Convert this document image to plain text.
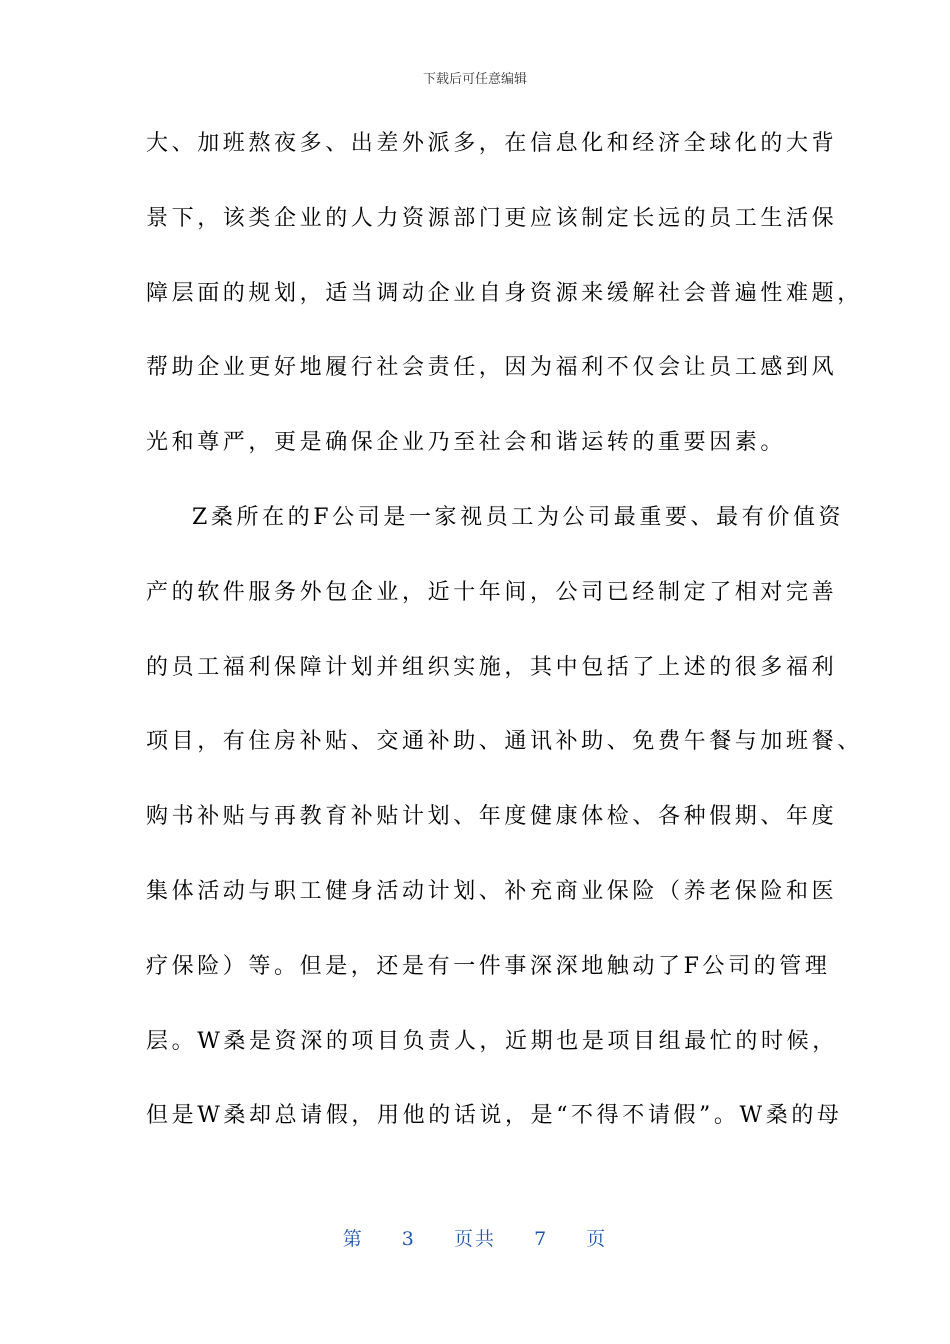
下载后可任意编辑
大、加班熬夜多、出差外派多，在信息化和经济全球化的大背
景下，该类企业的人力资源部门更应该制定长远的员工生活保
障层面的规划，适当调动企业自身资源来缓解社会普遍性难题，
帮助企业更好地履行社会责任，因为福利不仅会让员工感到风
光和尊严，更是确保企业乃至社会和谐运转的重要因素。
Z桑所在的F公司是一家视员工为公司最重要、最有价值资
产的软件服务外包企业，近十年间，公司已经制定了相对完善
的员工福利保障计划并组织实施，其中包括了上述的很多福利
项目，有住房补贴、交通补助、通讯补助、免费午餐与加班餐、
购书补贴与再教育补贴计划、年度健康体检、各种假期、年度
集体活动与职工健身活动计划、补充商业保险（养老保险和医
疗保险）等。但是，还是有一件事深深地触动了F公司的管理
层。W桑是资深的项目负责人，近期也是项目组最忙的时候，
但是W桑却总请假，用他的话说，是“不得不请假”。W桑的母
第 3 页共 7 页
